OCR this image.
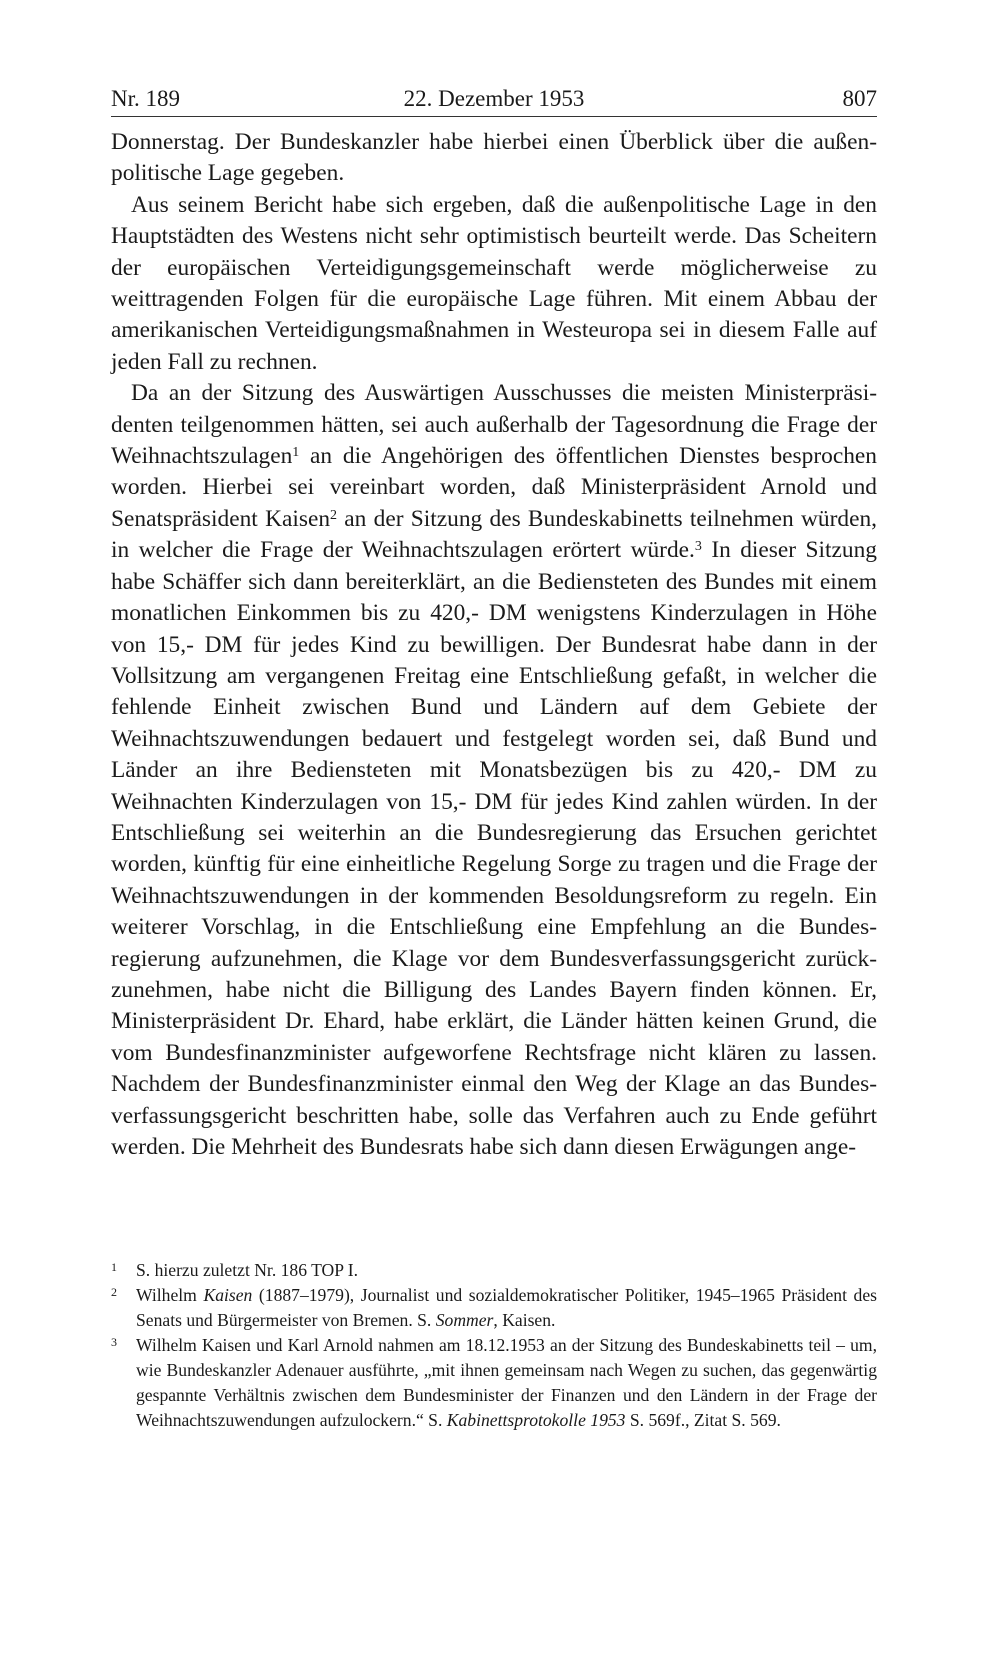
Nr. 189	22. Dezember 1953	807

Donnerstag. Der Bundeskanzler habe hierbei einen Überblick über die außenpolitische Lage gegeben.

Aus seinem Bericht habe sich ergeben, daß die außenpolitische Lage in den Hauptstädten des Westens nicht sehr optimistisch beurteilt werde. Das Scheitern der europäischen Verteidigungsgemeinschaft werde möglicherweise zu weittragenden Folgen für die europäische Lage führen. Mit einem Abbau der amerikanischen Verteidigungsmaßnahmen in Westeuropa sei in diesem Falle auf jeden Fall zu rechnen.

Da an der Sitzung des Auswärtigen Ausschusses die meisten Ministerpräsidenten teilgenommen hätten, sei auch außerhalb der Tagesordnung die Frage der Weihnachtszulagen$^1$ an die Angehörigen des öffentlichen Dienstes besprochen worden. Hierbei sei vereinbart worden, daß Ministerpräsident Arnold und Senatspräsident Kaisen$^2$ an der Sitzung des Bundeskabinetts teilnehmen würden, in welcher die Frage der Weihnachtszulagen erörtert würde.$^3$ In dieser Sitzung habe Schäffer sich dann bereiterklärt, an die Bediensteten des Bundes mit einem monatlichen Einkommen bis zu 420,- DM wenigstens Kinderzulagen in Höhe von 15,- DM für jedes Kind zu bewilligen. Der Bundesrat habe dann in der Vollsitzung am vergangenen Freitag eine Entschließung gefaßt, in welcher die fehlende Einheit zwischen Bund und Ländern auf dem Gebiete der Weihnachtszuwendungen bedauert und festgelegt worden sei, daß Bund und Länder an ihre Bediensteten mit Monatsbezügen bis zu 420,- DM zu Weihnachten Kinderzulagen von 15,- DM für jedes Kind zahlen würden. In der Entschließung sei weiterhin an die Bundesregierung das Ersuchen gerichtet worden, künftig für eine einheitliche Regelung Sorge zu tragen und die Frage der Weihnachtszuwendungen in der kommenden Besoldungsreform zu regeln. Ein weiterer Vorschlag, in die Entschließung eine Empfehlung an die Bundesregierung aufzunehmen, die Klage vor dem Bundesverfassungsgericht zurückzunehmen, habe nicht die Billigung des Landes Bayern finden können. Er, Ministerpräsident Dr. Ehard, habe erklärt, die Länder hätten keinen Grund, die vom Bundesfinanzminister aufgeworfene Rechtsfrage nicht klären zu lassen. Nachdem der Bundesfinanzminister einmal den Weg der Klage an das Bundesverfassungsgericht beschritten habe, solle das Verfahren auch zu Ende geführt werden. Die Mehrheit des Bundesrats habe sich dann diesen Erwägungen ange-

1 S. hierzu zuletzt Nr. 186 TOP I.

2 Wilhelm Kaisen (1887–1979), Journalist und sozialdemokratischer Politiker, 1945–1965 Präsident des Senats und Bürgermeister von Bremen. S. Sommer, Kaisen.

3 Wilhelm Kaisen und Karl Arnold nahmen am 18.12.1953 an der Sitzung des Bundeskabinetts teil – um, wie Bundeskanzler Adenauer ausführte, „mit ihnen gemeinsam nach Wegen zu suchen, das gegenwärtig gespannte Verhältnis zwischen dem Bundesminister der Finanzen und den Ländern in der Frage der Weihnachtszuwendungen aufzulockern.“ S. Kabinettsprotokolle 1953 S. 569f., Zitat S. 569.
